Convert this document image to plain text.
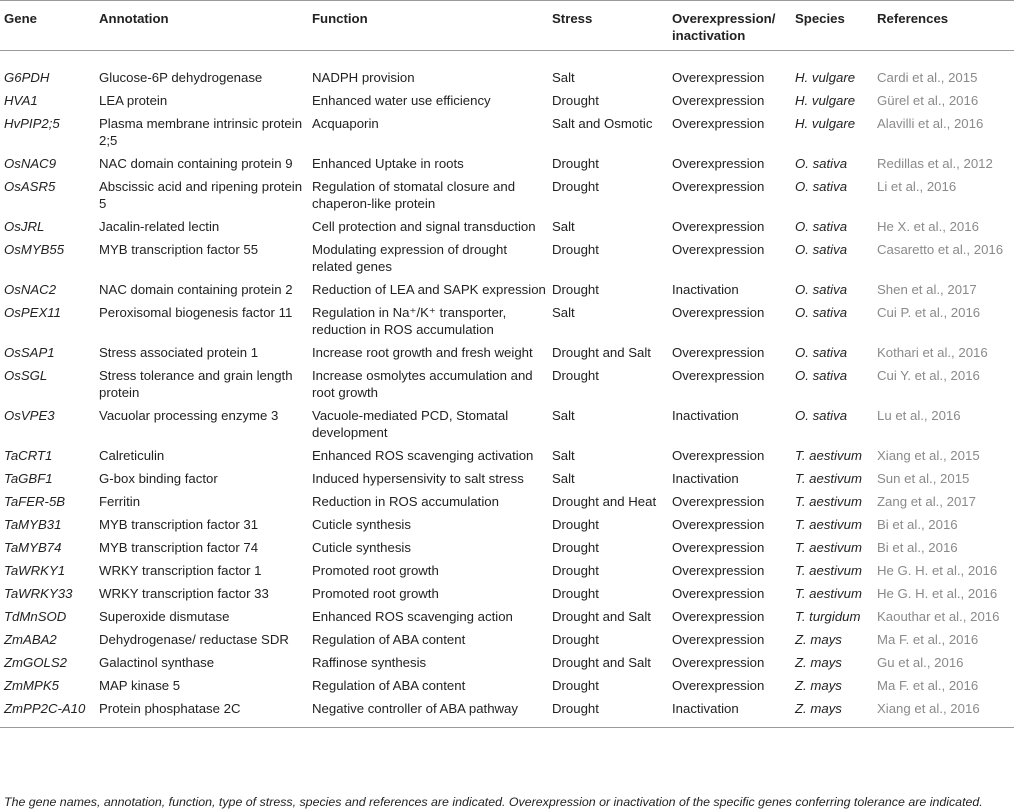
Gene	Annotation	Function	Stress	Overexpression/ inactivation	Species	References
G6PDH	Glucose-6P dehydrogenase	NADPH provision	Salt	Overexpression	H. vulgare	Cardi et al., 2015
HVA1	LEA protein	Enhanced water use efficiency	Drought	Overexpression	H. vulgare	Gürel et al., 2016
HvPIP2;5	Plasma membrane intrinsic protein 2;5	Acquaporin	Salt and Osmotic	Overexpression	H. vulgare	Alavilli et al., 2016
OsNAC9	NAC domain containing protein 9	Enhanced Uptake in roots	Drought	Overexpression	O. sativa	Redillas et al., 2012
OsASR5	Abscissic acid and ripening protein 5	Regulation of stomatal closure and chaperon-like protein	Drought	Overexpression	O. sativa	Li et al., 2016
OsJRL	Jacalin-related lectin	Cell protection and signal transduction	Salt	Overexpression	O. sativa	He X. et al., 2016
OsMYB55	MYB transcription factor 55	Modulating expression of drought related genes	Drought	Overexpression	O. sativa	Casaretto et al., 2016
OsNAC2	NAC domain containing protein 2	Reduction of LEA and SAPK expression	Drought	Inactivation	O. sativa	Shen et al., 2017
OsPEX11	Peroxisomal biogenesis factor 11	Regulation in Na⁺/K⁺ transporter, reduction in ROS accumulation	Salt	Overexpression	O. sativa	Cui P. et al., 2016
OsSAP1	Stress associated protein 1	Increase root growth and fresh weight	Drought and Salt	Overexpression	O. sativa	Kothari et al., 2016
OsSGL	Stress tolerance and grain length protein	Increase osmolytes accumulation and root growth	Drought	Overexpression	O. sativa	Cui Y. et al., 2016
OsVPE3	Vacuolar processing enzyme 3	Vacuole-mediated PCD, Stomatal development	Salt	Inactivation	O. sativa	Lu et al., 2016
TaCRT1	Calreticulin	Enhanced ROS scavenging activation	Salt	Overexpression	T. aestivum	Xiang et al., 2015
TaGBF1	G-box binding factor	Induced hypersensivity to salt stress	Salt	Inactivation	T. aestivum	Sun et al., 2015
TaFER-5B	Ferritin	Reduction in ROS accumulation	Drought and Heat	Overexpression	T. aestivum	Zang et al., 2017
TaMYB31	MYB transcription factor 31	Cuticle synthesis	Drought	Overexpression	T. aestivum	Bi et al., 2016
TaMYB74	MYB transcription factor 74	Cuticle synthesis	Drought	Overexpression	T. aestivum	Bi et al., 2016
TaWRKY1	WRKY transcription factor 1	Promoted root growth	Drought	Overexpression	T. aestivum	He G. H. et al., 2016
TaWRKY33	WRKY transcription factor 33	Promoted root growth	Drought	Overexpression	T. aestivum	He G. H. et al., 2016
TdMnSOD	Superoxide dismutase	Enhanced ROS scavenging action	Drought and Salt	Overexpression	T. turgidum	Kaouthar et al., 2016
ZmABA2	Dehydrogenase/ reductase SDR	Regulation of ABA content	Drought	Overexpression	Z. mays	Ma F. et al., 2016
ZmGOLS2	Galactinol synthase	Raffinose synthesis	Drought and Salt	Overexpression	Z. mays	Gu et al., 2016
ZmMPK5	MAP kinase 5	Regulation of ABA content	Drought	Overexpression	Z. mays	Ma F. et al., 2016
ZmPP2C-A10	Protein phosphatase 2C	Negative controller of ABA pathway	Drought	Inactivation	Z. mays	Xiang et al., 2016
The gene names, annotation, function, type of stress, species and references are indicated. Overexpression or inactivation of the specific genes conferring tolerance are indicated.
